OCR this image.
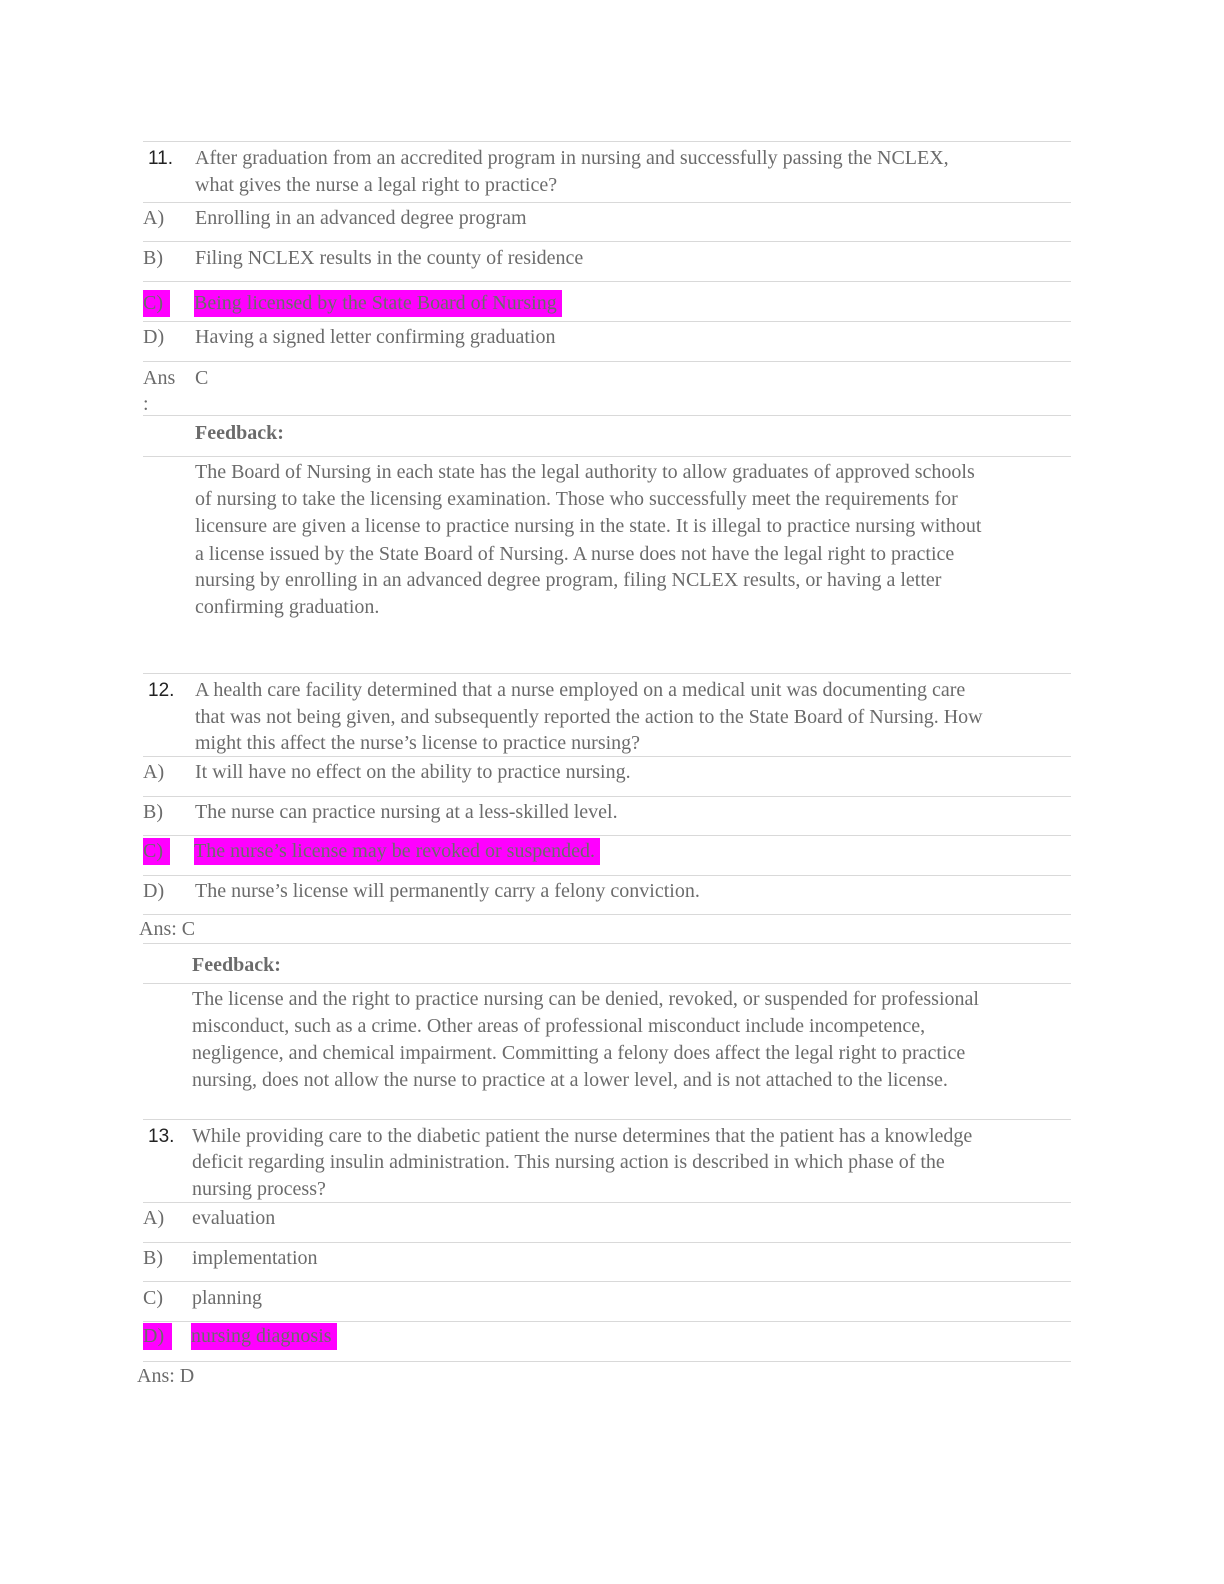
11. After graduation from an accredited program in nursing and successfully passing the NCLEX,
what gives the nurse a legal right to practice?
A) Enrolling in an advanced degree program
B) Filing NCLEX results in the county of residence
C)	Being licensed by the State Board of Nursing
D) Having a signed letter confirming graduation
Ans
:
C
Feedback:
The Board of Nursing in each state has the legal authority to allow graduates of approved schools
of nursing to take the licensing examination. Those who successfully meet the requirements for
licensure are given a license to practice nursing in the state. It is illegal to practice nursing without
a license issued by the State Board of Nursing. A nurse does not have the legal right to practice
nursing by enrolling in an advanced degree program, filing NCLEX results, or having a letter
confirming graduation.
12. A health care facility determined that a nurse employed on a medical unit was documenting care
that was not being given, and subsequently reported the action to the State Board of Nursing. How
might this affect the nurse’s license to practice nursing?
A) It will have no effect on the ability to practice nursing.
B) The nurse can practice nursing at a less-skilled level.
C)	The nurse’s license may be revoked or suspended.
D) The nurse’s license will permanently carry a felony conviction.
Ans: C
Feedback:
The license and the right to practice nursing can be denied, revoked, or suspended for professional
misconduct, such as a crime. Other areas of professional misconduct include incompetence,
negligence, and chemical impairment. Committing a felony does affect the legal right to practice
nursing, does not allow the nurse to practice at a lower level, and is not attached to the license.
13. While providing care to the diabetic patient the nurse determines that the patient has a knowledge
deficit regarding insulin administration. This nursing action is described in which phase of the
nursing process?
A) evaluation
B) implementation
C) planning
D)	nursing diagnosis
Ans: D
